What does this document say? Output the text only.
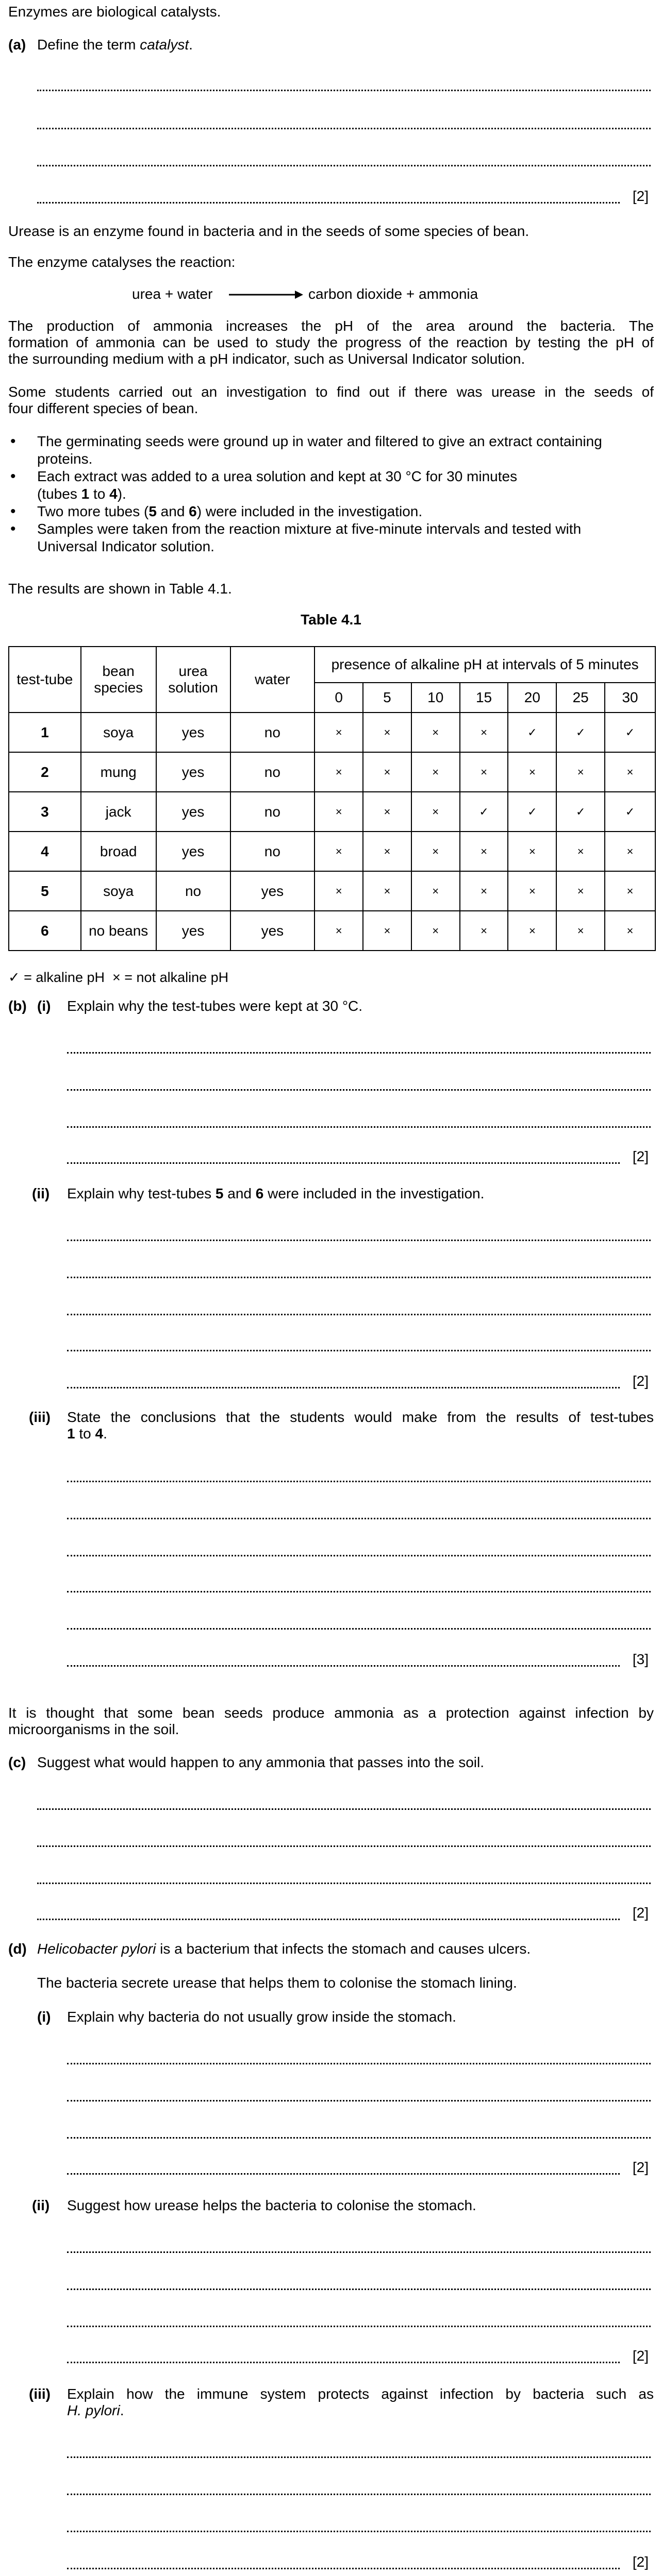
Enzymes are biological catalysts.
(a) Define the term catalyst.
[2]
Urease is an enzyme found in bacteria and in the seeds of some species of bean.
The enzyme catalyses the reaction:
urea + water	carbon dioxide + ammonia
The production of ammonia increases the pH of the area around the bacteria. The
formation of ammonia can be used to study the progress of the reaction by testing the pH of
the surrounding medium with a pH indicator, such as Universal Indicator solution.
Some students carried out an investigation to find out if there was urease in the seeds of
four different species of bean.
• The germinating seeds were ground up in water and filtered to give an extract containing
proteins.
• Each extract was added to a urea solution and kept at 30 °C for 30 minutes
(tubes 1 to 4).
• Two more tubes (5 and 6) were included in the investigation.
• Samples were taken from the reaction mixture at five-minute intervals and tested with
Universal Indicator solution.
The results are shown in Table 4.1.
Table 4.1
test-tube	bean species	urea solution	water	presence of alkaline pH at intervals of 5 minutes						
				0	5	10	15	20	25	30
1	soya	yes	no	×	×	×	×	✓	✓	✓
2	mung	yes	no	×	×	×	×	×	×	×
3	jack	yes	no	×	×	×	✓	✓	✓	✓
4	broad	yes	no	×	×	×	×	×	×	×
5	soya	no	yes	×	×	×	×	×	×	×
6	no beans	yes	yes	×	×	×	×	×	×	×
✓ = alkaline pH  × = not alkaline pH
(b) (i) Explain why the test-tubes were kept at 30 °C.
[2]
(ii) Explain why test-tubes 5 and 6 were included in the investigation.
[2]
(iii) State the conclusions that the students would make from the results of test-tubes
1 to 4.
[3]
It is thought that some bean seeds produce ammonia as a protection against infection by
microorganisms in the soil.
(c) Suggest what would happen to any ammonia that passes into the soil.
[2]
(d) Helicobacter pylori is a bacterium that infects the stomach and causes ulcers.
The bacteria secrete urease that helps them to colonise the stomach lining.
(i) Explain why bacteria do not usually grow inside the stomach.
[2]
(ii) Suggest how urease helps the bacteria to colonise the stomach.
[2]
(iii) Explain how the immune system protects against infection by bacteria such as
H. pylori.
[2]
